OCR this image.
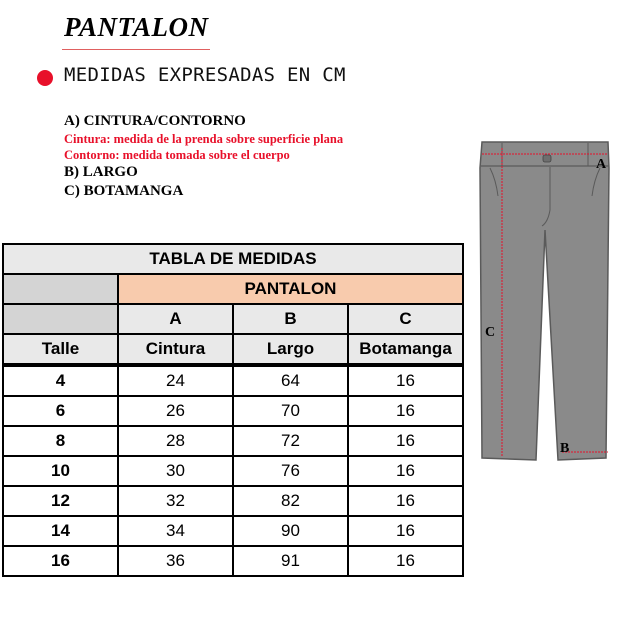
PANTALON
MEDIDAS EXPRESADAS EN CM
A) CINTURA/CONTORNO
Cintura: medida de la prenda sobre superficie plana
Contorno: medida tomada sobre el cuerpo
B) LARGO
C) BOTAMANGA
TABLA DE MEDIDAS			
	PANTALON		
	A	B	C
Talle	Cintura	Largo	Botamanga
4	24	64	16
6	26	70	16
8	28	72	16
10	30	76	16
12	32	82	16
14	34	90	16
16	36	91	16
A
C
B
